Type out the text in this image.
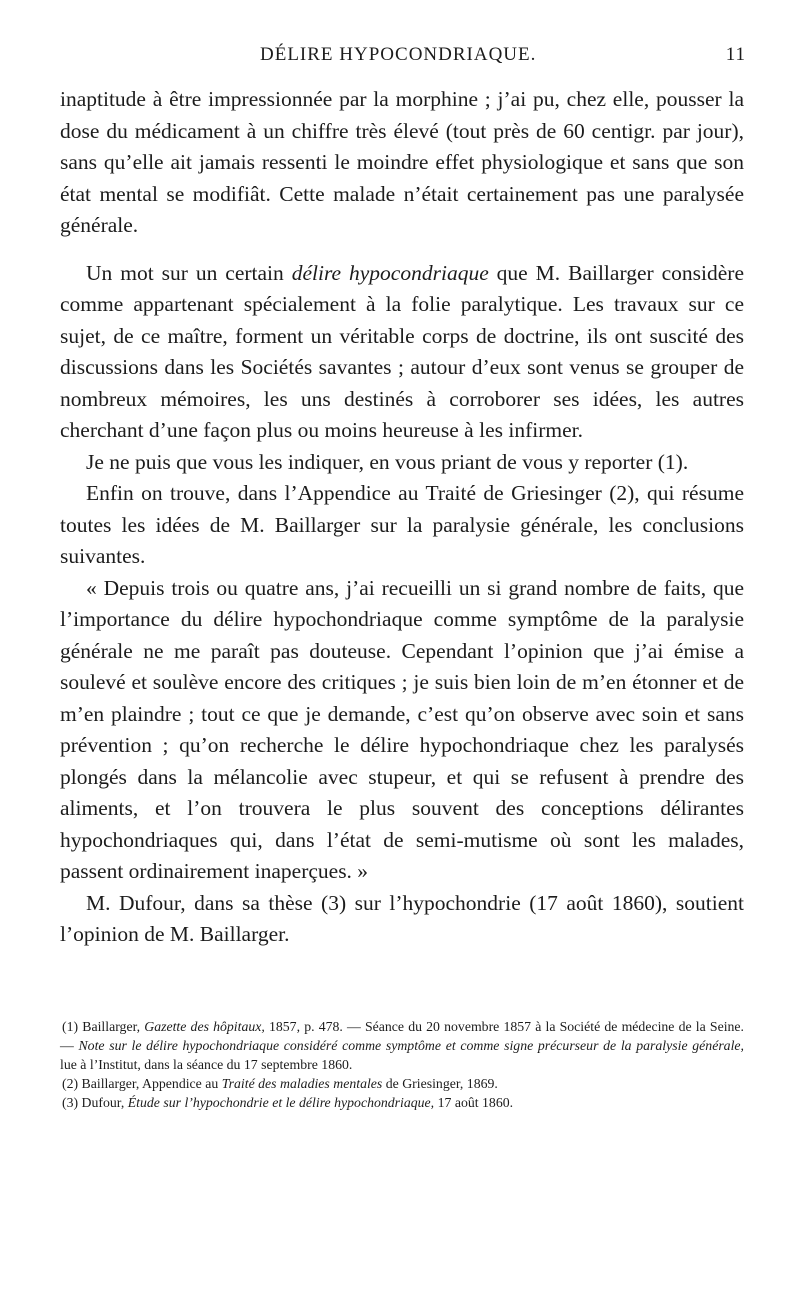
DÉLIRE HYPOCONDRIAQUE.	11

inaptitude à être impressionnée par la morphine ; j’ai pu, chez elle, pousser la dose du médicament à un chiffre très élevé (tout près de 60 centigr. par jour), sans qu’elle ait jamais ressenti le moindre effet physiologique et sans que son état mental se modifiât. Cette malade n’était certainement pas une paralysée générale.

Un mot sur un certain délire hypocondriaque que M. Baillarger considère comme appartenant spécialement à la folie paralytique. Les travaux sur ce sujet, de ce maître, forment un véritable corps de doctrine, ils ont suscité des discussions dans les Sociétés savantes ; autour d’eux sont venus se grouper de nombreux mémoires, les uns destinés à corroborer ses idées, les autres cherchant d’une façon plus ou moins heureuse à les infirmer.

Je ne puis que vous les indiquer, en vous priant de vous y reporter (1).

Enfin on trouve, dans l’Appendice au Traité de Griesinger (2), qui résume toutes les idées de M. Baillarger sur la paralysie générale, les conclusions suivantes.

« Depuis trois ou quatre ans, j’ai recueilli un si grand nombre de faits, que l’importance du délire hypochondriaque comme symptôme de la paralysie générale ne me paraît pas douteuse. Cependant l’opinion que j’ai émise a soulevé et soulève encore des critiques ; je suis bien loin de m’en étonner et de m’en plaindre ; tout ce que je demande, c’est qu’on observe avec soin et sans prévention ; qu’on recherche le délire hypochondriaque chez les paralysés plongés dans la mélancolie avec stupeur, et qui se refusent à prendre des aliments, et l’on trouvera le plus souvent des conceptions délirantes hypochondriaques qui, dans l’état de semi-mutisme où sont les malades, passent ordinairement inaperçues. »

M. Dufour, dans sa thèse (3) sur l’hypochondrie (17 août 1860), soutient l’opinion de M. Baillarger.

(1) Baillarger, Gazette des hôpitaux, 1857, p. 478. — Séance du 20 novembre 1857 à la Société de médecine de la Seine. — Note sur le délire hypochondriaque considéré comme symptôme et comme signe précurseur de la paralysie générale, lue à l’Institut, dans la séance du 17 septembre 1860.

(2) Baillarger, Appendice au Traité des maladies mentales de Griesinger, 1869.

(3) Dufour, Étude sur l’hypochondrie et le délire hypochondriaque, 17 août 1860.
